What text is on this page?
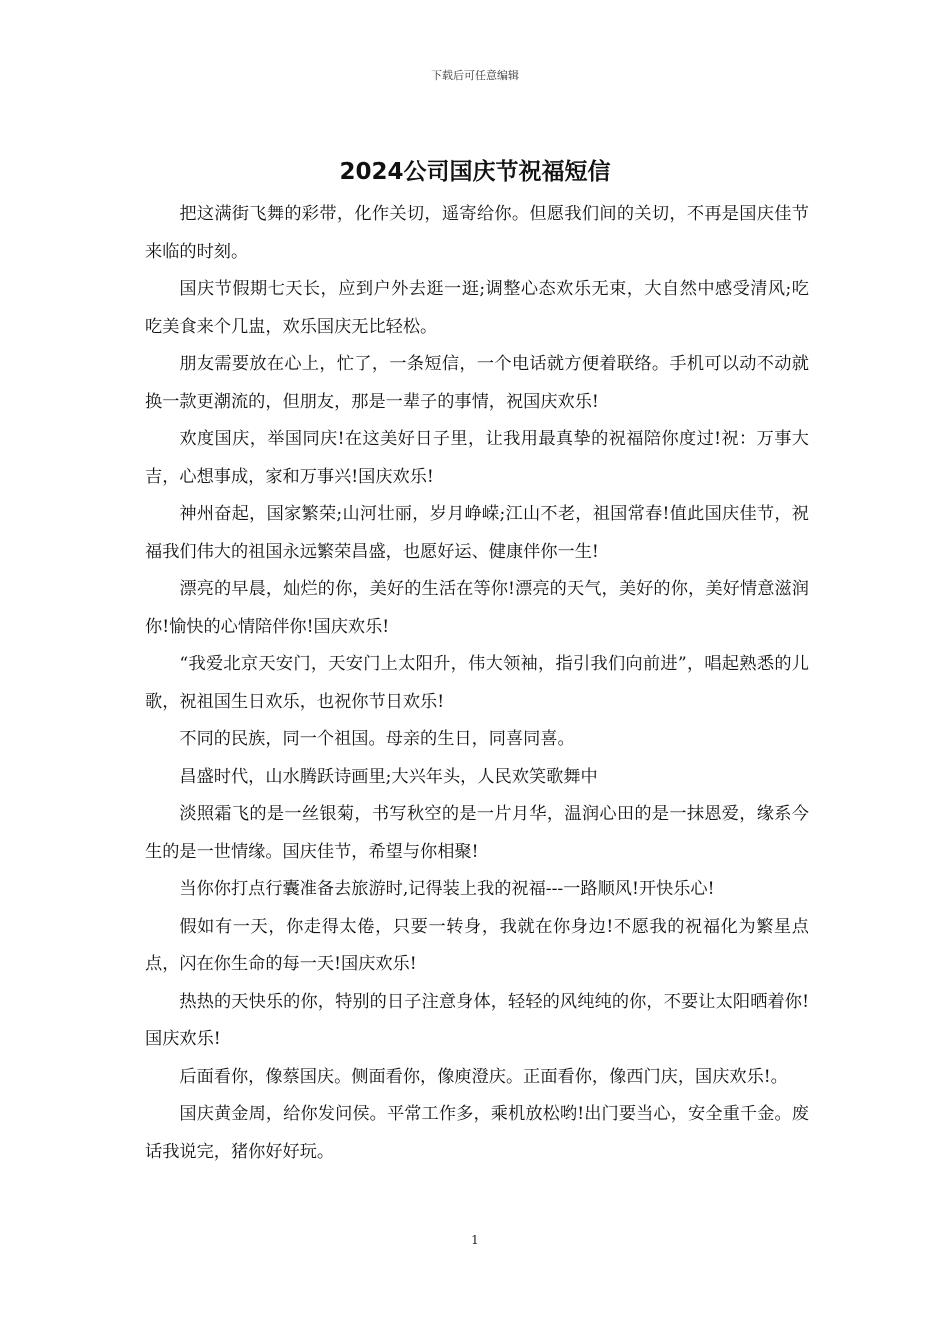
下载后可任意编辑
2024公司国庆节祝福短信

把这满街飞舞的彩带，化作关切，遥寄给你。但愿我们间的关切，不再是国庆佳节来临的时刻。

国庆节假期七天长，应到户外去逛一逛;调整心态欢乐无束，大自然中感受清风;吃吃美食来个几盅，欢乐国庆无比轻松。

朋友需要放在心上，忙了，一条短信，一个电话就方便着联络。手机可以动不动就换一款更潮流的，但朋友，那是一辈子的事情，祝国庆欢乐!

欢度国庆，举国同庆!在这美好日子里，让我用最真挚的祝福陪你度过!祝：万事大吉，心想事成，家和万事兴!国庆欢乐!

神州奋起，国家繁荣;山河壮丽，岁月峥嵘;江山不老，祖国常春!值此国庆佳节，祝福我们伟大的祖国永远繁荣昌盛，也愿好运、健康伴你一生!

漂亮的早晨，灿烂的你，美好的生活在等你!漂亮的天气，美好的你，美好情意滋润你!愉快的心情陪伴你!国庆欢乐!

“我爱北京天安门，天安门上太阳升，伟大领袖，指引我们向前进”，唱起熟悉的儿歌，祝祖国生日欢乐，也祝你节日欢乐!

不同的民族，同一个祖国。母亲的生日，同喜同喜。

昌盛时代，山水腾跃诗画里;大兴年头，人民欢笑歌舞中

淡照霜飞的是一丝银菊，书写秋空的是一片月华，温润心田的是一抹恩爱，缘系今生的是一世情缘。国庆佳节，希望与你相聚!

当你你打点行囊准备去旅游时,记得装上我的祝福---一路顺风!开快乐心!

假如有一天，你走得太倦，只要一转身，我就在你身边!不愿我的祝福化为繁星点点，闪在你生命的每一天!国庆欢乐!

热热的天快乐的你，特别的日子注意身体，轻轻的风纯纯的你，不要让太阳晒着你!国庆欢乐!

后面看你，像蔡国庆。侧面看你，像庾澄庆。正面看你，像西门庆，国庆欢乐!。

国庆黄金周，给你发问侯。平常工作多，乘机放松哟!出门要当心，安全重千金。废话我说完，猪你好好玩。

1
